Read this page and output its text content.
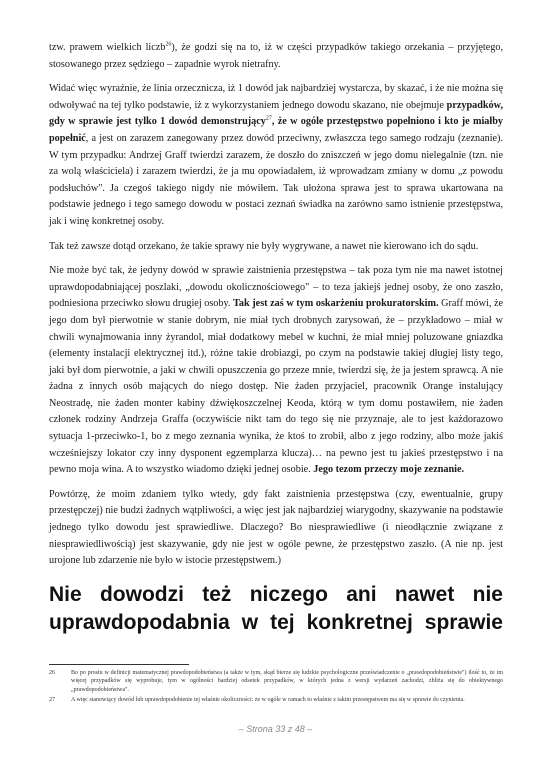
tzw. prawem wielkich liczb$^{26}$), że godzi się na to, iż w części przypadków takiego orzekania – przyjętego, stosowanego przez sędziego – zapadnie wyrok nietrafny.

Widać więc wyraźnie, że linia orzecznicza, iż 1 dowód jak najbardziej wystarcza, by skazać, i że nie można się odwoływać na tej tylko podstawie, iż z wykorzystaniem jednego dowodu skazano, nie obejmuje przypadków, gdy w sprawie jest tylko 1 dowód demonstrujący$^{27}$, że w ogóle przestępstwo popełniono i kto je miałby popełnić, a jest on zarazem zanegowany przez dowód przeciwny, zwłaszcza tego samego rodzaju (zeznanie). W tym przypadku: Andrzej Graff twierdzi zarazem, że doszło do zniszczeń w jego domu nielegalnie (tzn. nie za wolą właściciela) i zarazem twierdzi, że ja mu opowiadałem, iż wprowadzam zmiany w domu „z powodu podsłuchów". Ja czegoś takiego nigdy nie mówiłem. Tak ułożona sprawa jest to sprawa ukartowana na podstawie jednego i tego samego dowodu w postaci zeznań świadka na zarówno samo istnienie przestępstwa, jak i winę konkretnej osoby.

Tak też zawsze dotąd orzekano, że takie sprawy nie były wygrywane, a nawet nie kierowano ich do sądu.

Nie może być tak, że jedyny dowód w sprawie zaistnienia przestępstwa – tak poza tym nie ma nawet istotnej uprawdopodabniającej poszlaki, „dowodu okolicznościowego" – to teza jakiejś jednej osoby, że ono zaszło, podniesiona przeciwko słowu drugiej osoby. Tak jest zaś w tym oskarżeniu prokuratorskim. Graff mówi, że jego dom był pierwotnie w stanie dobrym, nie miał tych drobnych zarysowań, że – przykładowo – miał w chwili wynajmowania inny żyrandol, miał dodatkowy mebel w kuchni, że miał mniej poluzowane gniazdka (elementy instalacji elektrycznej itd.), różne takie drobiazgi, po czym na podstawie takiej długiej listy tego, jaki był dom pierwotnie, a jaki w chwili opuszczenia go przeze mnie, twierdzi się, że ja jestem sprawcą. A nie żadna z innych osób mających do niego dostęp. Nie żaden przyjaciel, pracownik Orange instalujący Neostradę, nie żaden monter kabiny dźwiękoszczelnej Keoda, którą w tym domu postawiłem, nie żaden członek rodziny Andrzeja Graffa (oczywiście nikt tam do tego się nie przyznaje, ale to jest każdorazowo sytuacja 1-przeciwko-1, bo z mego zeznania wynika, że ktoś to zrobił, albo z jego rodziny, albo może jakiś wcześniejszy lokator czy inny dysponent egzemplarza klucza)… na pewno jest tu jakieś przestępstwo i na pewno moja wina. A to wszystko wiadomo dzięki jednej osobie. Jego tezom przeczy moje zeznanie.

Powtórzę, że moim zdaniem tylko wtedy, gdy fakt zaistnienia przestępstwa (czy, ewentualnie, grupy przestępczej) nie budzi żadnych wątpliwości, a więc jest jak najbardziej wiarygodny, skazywanie na podstawie jednego tylko dowodu jest sprawiedliwe. Dlaczego? Bo niesprawiedliwe (i nieodłącznie związane z niesprawiedliwością) jest skazywanie, gdy nie jest w ogóle pewne, że przestępstwo zaszło. (A nie np. jest urojone lub zdarzenie nie było w istocie przestępstwem.)

Nie dowodzi też niczego ani nawet nie uprawdopodabnia w tej konkretnej sprawie
26	Bo po prostu w definicji matematycznej prawdopodobieństwa (a także w tym, skąd bierze się ludzkie psychologiczne przeświadczenie o „prawdopodobieństwie") ilość to, że im więcej przypadków się wyprobuje, tym w ogólności bardziej odsetek przypadków, w których jedna z wersji wydarzeń zachodzi, zbliża się do obiektywnego „prawdopodobieństwa".
27	A więc stanowiący dowód lub uprawdopodobienie tej właśnie okoliczności: że w ogóle w ramach to właśnie z takim przestępstwem ma się w sprawie do czynienia.
– Strona 33 z 48 –
